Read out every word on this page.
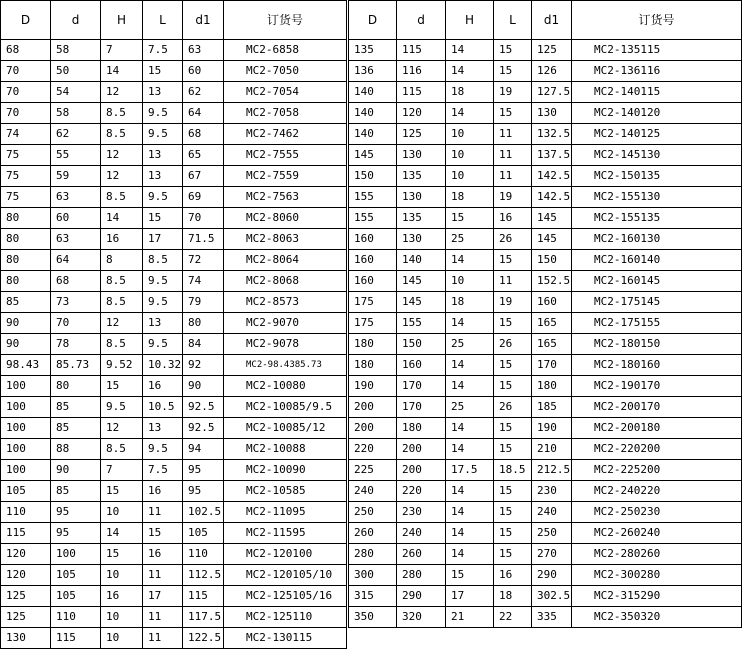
D	d	H	L	d1	订货号
68	58	7	7.5	63	MC2-6858
70	50	14	15	60	MC2-7050
70	54	12	13	62	MC2-7054
70	58	8.5	9.5	64	MC2-7058
74	62	8.5	9.5	68	MC2-7462
75	55	12	13	65	MC2-7555
75	59	12	13	67	MC2-7559
75	63	8.5	9.5	69	MC2-7563
80	60	14	15	70	MC2-8060
80	63	16	17	71.5	MC2-8063
80	64	8	8.5	72	MC2-8064
80	68	8.5	9.5	74	MC2-8068
85	73	8.5	9.5	79	MC2-8573
90	70	12	13	80	MC2-9070
90	78	8.5	9.5	84	MC2-9078
98.43	85.73	9.52	10.32	92	MC2-98.4385.73
100	80	15	16	90	MC2-10080
100	85	9.5	10.5	92.5	MC2-10085/9.5
100	85	12	13	92.5	MC2-10085/12
100	88	8.5	9.5	94	MC2-10088
100	90	7	7.5	95	MC2-10090
105	85	15	16	95	MC2-10585
110	95	10	11	102.5	MC2-11095
115	95	14	15	105	MC2-11595
120	100	15	16	110	MC2-120100
120	105	10	11	112.5	MC2-120105/10
125	105	16	17	115	MC2-125105/16
125	110	10	11	117.5	MC2-125110
130	115	10	11	122.5	MC2-130115
D	d	H	L	d1	订货号
135	115	14	15	125	MC2-135115
136	116	14	15	126	MC2-136116
140	115	18	19	127.5	MC2-140115
140	120	14	15	130	MC2-140120
140	125	10	11	132.5	MC2-140125
145	130	10	11	137.5	MC2-145130
150	135	10	11	142.5	MC2-150135
155	130	18	19	142.5	MC2-155130
155	135	15	16	145	MC2-155135
160	130	25	26	145	MC2-160130
160	140	14	15	150	MC2-160140
160	145	10	11	152.5	MC2-160145
175	145	18	19	160	MC2-175145
175	155	14	15	165	MC2-175155
180	150	25	26	165	MC2-180150
180	160	14	15	170	MC2-180160
190	170	14	15	180	MC2-190170
200	170	25	26	185	MC2-200170
200	180	14	15	190	MC2-200180
220	200	14	15	210	MC2-220200
225	200	17.5	18.5	212.5	MC2-225200
240	220	14	15	230	MC2-240220
250	230	14	15	240	MC2-250230
260	240	14	15	250	MC2-260240
280	260	14	15	270	MC2-280260
300	280	15	16	290	MC2-300280
315	290	17	18	302.5	MC2-315290
350	320	21	22	335	MC2-350320
